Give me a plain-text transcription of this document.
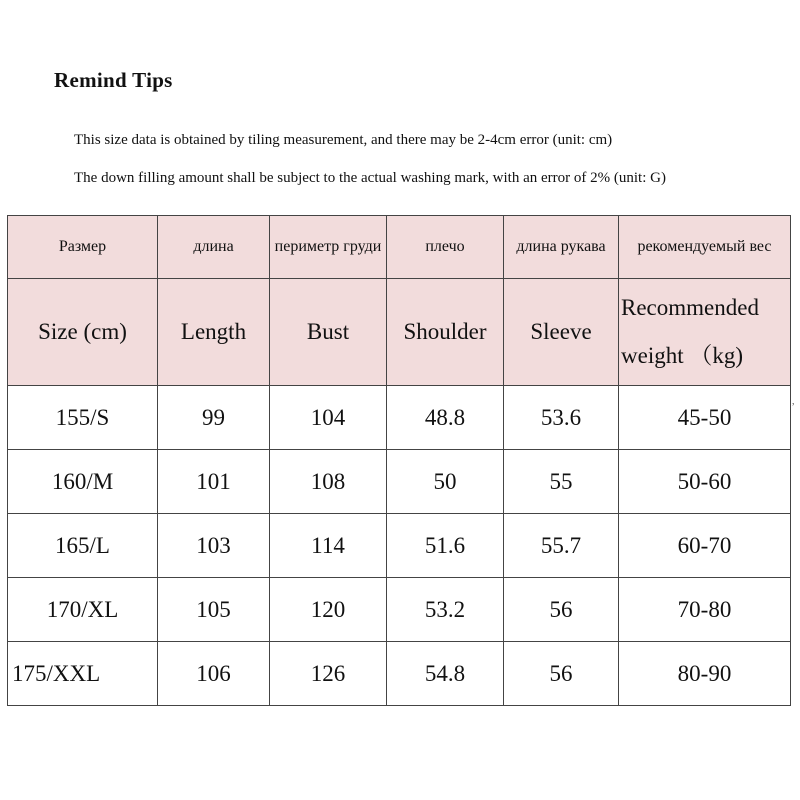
Remind Tips
This size data is obtained by tiling measurement, and there may be 2-4cm error (unit: cm)
The down filling amount shall be subject to the actual washing mark, with an error of 2% (unit: G)
Размер	длина	периметр груди	плечо	длина рукава	рекомендуемый вес
Size (cm)	Length	Bust	Shoulder	Sleeve	Recommended
weight （kg)

155/S	99	104	48.8	53.6	45-50
160/M	101	108	50	55	50-60
165/L	103	114	51.6	55.7	60-70
170/XL	105	120	53.2	56	70-80
175/XXL	106	126	54.8	56	80-90
,
